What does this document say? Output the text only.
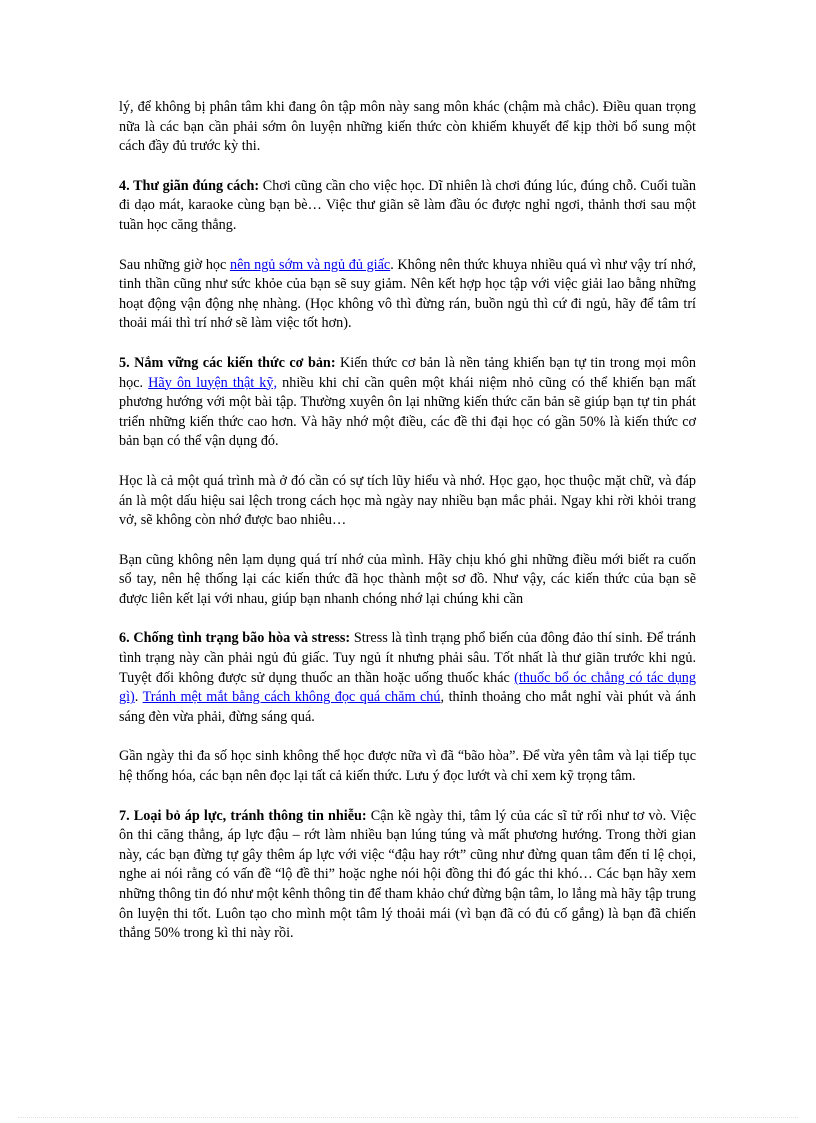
lý, để không bị phân tâm khi đang ôn tập môn này sang môn khác (chậm mà chắc). Điều quan trọng nữa là các bạn cần phải sớm ôn luyện những kiến thức còn khiếm khuyết để kịp thời bổ sung một cách đầy đủ trước kỳ thi.

4. Thư giãn đúng cách: Chơi cũng cần cho việc học. Dĩ nhiên là chơi đúng lúc, đúng chỗ. Cuối tuần đi dạo mát, karaoke cùng bạn bè… Việc thư giãn sẽ làm đầu óc được nghỉ ngơi, thảnh thơi sau một tuần học căng thẳng.

Sau những giờ học nên ngủ sớm và ngủ đủ giấc. Không nên thức khuya nhiều quá vì như vậy trí nhớ, tinh thần cũng như sức khỏe của bạn sẽ suy giảm. Nên kết hợp học tập với việc giải lao bằng những hoạt động vận động nhẹ nhàng. (Học không vô thì đừng rán, buồn ngủ thì cứ đi ngủ, hãy để tâm trí thoải mái thì trí nhớ sẽ làm việc tốt hơn).

5. Nắm vững các kiến thức cơ bản: Kiến thức cơ bản là nền tảng khiến bạn tự tin trong mọi môn học. Hãy ôn luyện thật kỹ, nhiều khi chỉ cần quên một khái niệm nhỏ cũng có thể khiến bạn mất phương hướng với một bài tập. Thường xuyên ôn lại những kiến thức căn bản sẽ giúp bạn tự tin phát triển những kiến thức cao hơn. Và hãy nhớ một điều, các đề thi đại học có gần 50% là kiến thức cơ bản bạn có thể vận dụng đó.

Học là cả một quá trình mà ở đó cần có sự tích lũy hiểu và nhớ. Học gạo, học thuộc mặt chữ, và đáp án là một dấu hiệu sai lệch trong cách học mà ngày nay nhiều bạn mắc phải. Ngay khi rời khỏi trang vở, sẽ không còn nhớ được bao nhiêu…

Bạn cũng không nên lạm dụng quá trí nhớ của mình. Hãy chịu khó ghi những điều mới biết ra cuốn sổ tay, nên hệ thống lại các kiến thức đã học thành một sơ đồ. Như vậy, các kiến thức của bạn sẽ được liên kết lại với nhau, giúp bạn nhanh chóng nhớ lại chúng khi cần

6. Chống tình trạng bão hòa và stress: Stress là tình trạng phổ biến của đông đảo thí sinh. Để tránh tình trạng này cần phải ngủ đủ giấc. Tuy ngủ ít nhưng phải sâu. Tốt nhất là thư giãn trước khi ngủ. Tuyệt đối không được sử dụng thuốc an thần hoặc uống thuốc khác (thuốc bổ óc chẳng có tác dụng gì). Tránh mệt mắt bằng cách không đọc quá chăm chú, thỉnh thoảng cho mắt nghỉ vài phút và ánh sáng đèn vừa phải, đừng sáng quá.

Gần ngày thi đa số học sinh không thể học được nữa vì đã “bão hòa”. Để vừa yên tâm và lại tiếp tục hệ thống hóa, các bạn nên đọc lại tất cả kiến thức. Lưu ý đọc lướt và chỉ xem kỹ trọng tâm.

7. Loại bỏ áp lực, tránh thông tin nhiễu: Cận kề ngày thi, tâm lý của các sĩ tử rối như tơ vò. Việc ôn thi căng thẳng, áp lực đậu – rớt làm nhiều bạn lúng túng và mất phương hướng. Trong thời gian này, các bạn đừng tự gây thêm áp lực với việc “đậu hay rớt” cũng như đừng quan tâm đến tỉ lệ chọi, nghe ai nói rằng có vấn đề “lộ đề thi” hoặc nghe nói hội đồng thi đó gác thi khó… Các bạn hãy xem những thông tin đó như một kênh thông tin để tham khảo chứ đừng bận tâm, lo lắng mà hãy tập trung ôn luyện thi tốt. Luôn tạo cho mình một tâm lý thoải mái (vì bạn đã có đủ cố gắng) là bạn đã chiến thắng 50% trong kì thi này rồi.
